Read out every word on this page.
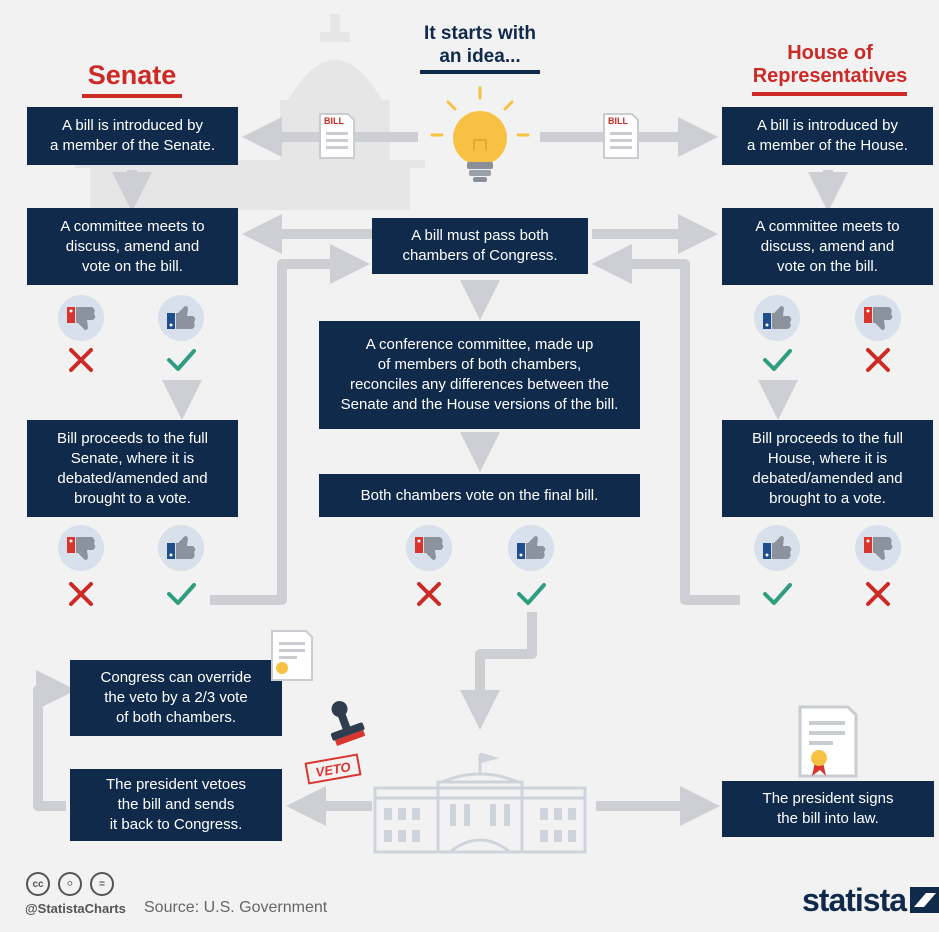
Senate
It starts with
an idea...	House of
Representatives
BILL	BILL
A bill is introduced by
a member of the Senate.
A committee meets to
discuss, amend and
vote on the bill.
Bill proceeds to the full
Senate, where it is
debated/amended and
brought to a vote.
A bill is introduced by
a member of the House.
A committee meets to
discuss, amend and
vote on the bill.
Bill proceeds to the full
House, where it is
debated/amended and
brought to a vote.
A bill must pass both
chambers of Congress.
A conference committee, made up
of members of both chambers,
reconciles any differences between the
Senate and the House versions of the bill.
Both chambers vote on the final bill.
Congress can override
the veto by a 2/3 vote
of both chambers.
The president vetoes
the bill and sends
it back to Congress.
The president signs
the bill into law.
VETO
cc	⚪	=
@StatistaCharts Source: U.S. Government	statista
